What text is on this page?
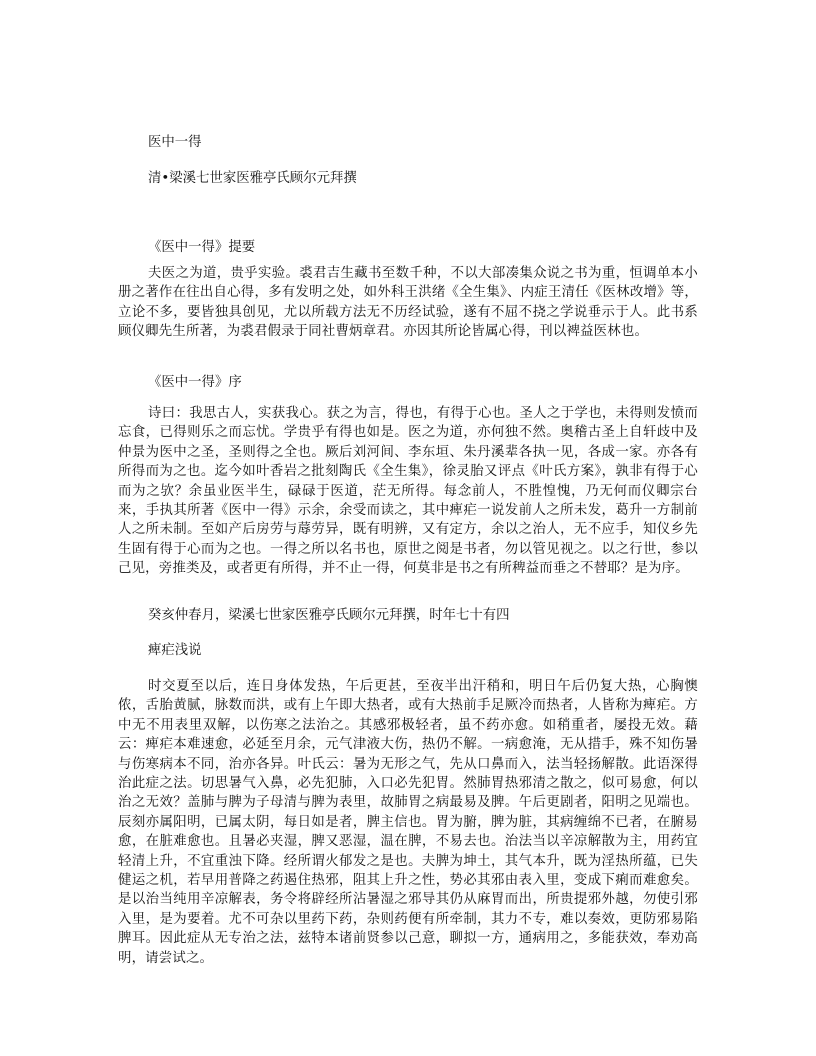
医中一得

清•梁溪七世家医雅亭氏顾尔元拜撰

《医中一得》提要

夫医之为道，贵乎实验。裘君吉生藏书至数千种，不以大部凑集众说之书为重，恒调单本小册之著作在往出自心得，多有发明之处，如外科王洪绪《全生集》、内症王清任《医林改增》等，立论不多，要皆独具创见，尤以所载方法无不历经试验，遂有不屈不挠之学说垂示于人。此书系顾仪卿先生所著，为裘君假录于同社曹炳章君。亦因其所论皆属心得，刊以裨益医林也。

《医中一得》序

诗曰：我思古人，实获我心。获之为言，得也，有得于心也。圣人之于学也，未得则发愤而忘食，已得则乐之而忘忧。学贵乎有得也如是。医之为道，亦何独不然。奥稽古圣上自轩歧中及仲景为医中之圣，圣则得之全也。厥后刘河间、李东垣、朱丹溪辈各执一见，各成一家。亦各有所得而为之也。迄今如叶香岩之批刻陶氏《全生集》，徐灵胎又评点《叶氏方案》，孰非有得于心而为之欤？余虽业医半生，碌碌于医道，茫无所得。每念前人，不胜惶愧，乃无何而仪卿宗台来，手执其所著《医中一得》示余，余受而读之，其中痺疟一说发前人之所未发，葛升一方制前人之所未制。至如产后房劳与蓐劳异，既有明辨，又有定方，余以之治人，无不应手，知仪乡先生固有得于心而为之也。一得之所以名书也，原世之阅是书者，勿以管见视之。以之行世，参以己见，旁推类及，或者更有所得，并不止一得，何莫非是书之有所稗益而垂之不替耶？是为序。

癸亥仲春月，梁溪七世家医雅亭氏顾尔元拜撰，时年七十有四

痺疟浅说

时交夏至以后，连日身体发热，午后更甚，至夜半出汗稍和，明日午后仍复大热，心胸懊侬，舌胎黄腻，脉数而洪，或有上午即大热者，或有大热前手足厥冷而热者，人皆称为痺疟。方中无不用表里双解，以伤寒之法治之。其感邪极轻者，虽不药亦愈。如稍重者，屡投无效。藉云：痺疟本难速愈，必延至月余，元气津液大伤，热仍不解。一病愈淹，无从措手，殊不知伤暑与伤寒病本不同，治亦各异。叶氏云：暑为无形之气，先从口鼻而入，法当轻扬解散。此语深得治此症之法。切思暑气入鼻，必先犯肺，入口必先犯胃。然肺胃热邪清之散之，似可易愈，何以治之无效？盖肺与脾为子母清与脾为表里，故肺胃之病最易及脾。午后更剧者，阳明之见端也。辰刻亦属阳明，已属太阴，每日如是者，脾主信也。胃为腑，脾为脏，其病缠绵不已者，在腑易愈，在脏难愈也。且暑必夹湿，脾又恶湿，温在脾，不易去也。治法当以辛凉解散为主，用药宜轻清上升，不宜重浊下降。经所谓火郁发之是也。夫脾为坤土，其气本升，既为淫热所蕴，已失健运之机，若早用普降之药遏住热邪，阻其上升之性，势必其邪由表入里，变成下痢而难愈矣。是以治当纯用辛凉解表，务令将辟经所沾暑湿之邪导其仍从麻胃而出，所贵提邪外越，勿使引邪入里，是为要着。尤不可杂以里药下药，杂则药便有所牵制，其力不专，难以奏效，更防邪易陷脾耳。因此症从无专治之法，兹特本诸前贤参以己意，聊拟一方，通病用之，多能获效，奉劝高明，请尝试之。
